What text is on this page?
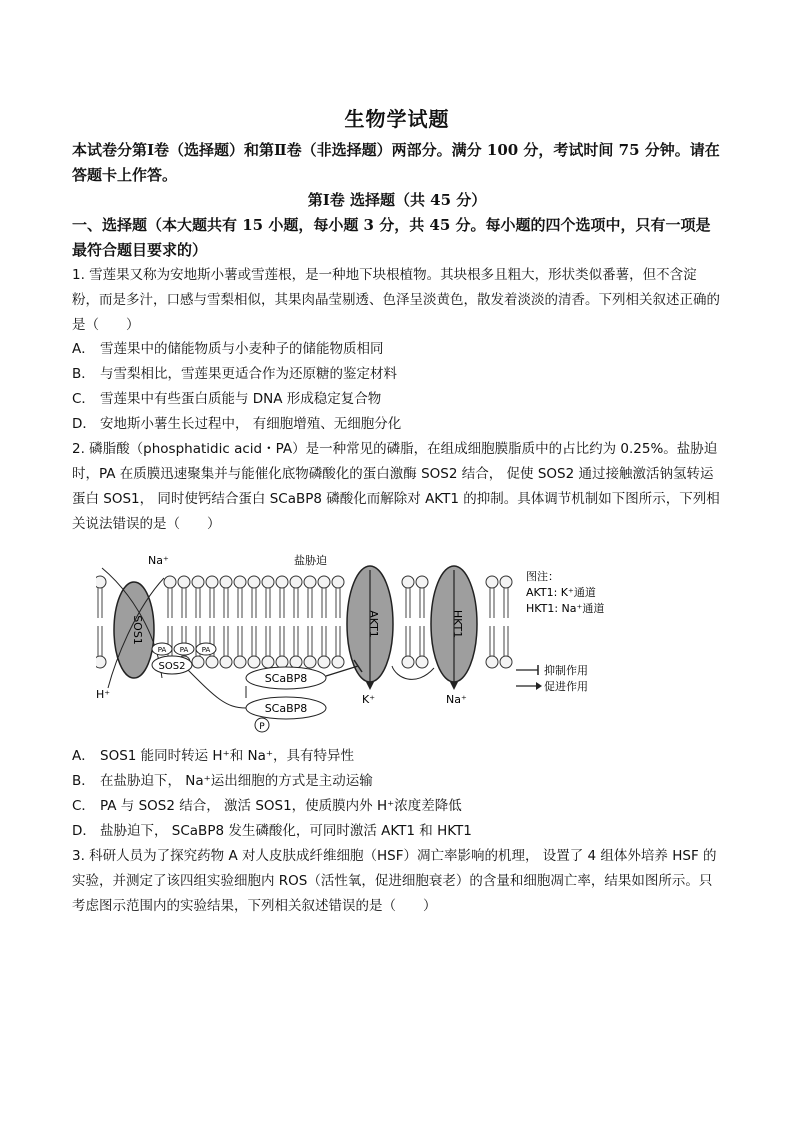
生物学试题
本试卷分第Ⅰ卷（选择题）和第Ⅱ卷（非选择题）两部分。满分 100 分，考试时间 75 分钟。请在答题卡上作答。
第Ⅰ卷 选择题（共 45 分）
一、选择题（本大题共有 15 小题，每小题 3 分，共 45 分。每小题的四个选项中，只有一项是最符合题目要求的）
1. 雪莲果又称为安地斯小薯或雪莲根，是一种地下块根植物。其块根多且粗大，形状类似番薯，但不含淀粉，而是多汁，口感与雪梨相似，其果肉晶莹剔透、色泽呈淡黄色，散发着淡淡的清香。下列相关叙述正确的是（　　）
A． 雪莲果中的储能物质与小麦种子的储能物质相同
B． 与雪梨相比，雪莲果更适合作为还原糖的鉴定材料
C． 雪莲果中有些蛋白质能与 DNA 形成稳定复合物
D． 安地斯小薯生长过程中， 有细胞增殖、无细胞分化
2. 磷脂酸（phosphatidic acid・PA）是一种常见的磷脂，在组成细胞膜脂质中的占比约为 0.25%。盐胁迫时，PA 在质膜迅速聚集并与能催化底物磷酸化的蛋白激酶 SOS2 结合， 促使 SOS2 通过接触激活钠氢转运蛋白 SOS1， 同时使钙结合蛋白 SCaBP8 磷酸化而解除对 AKT1 的抑制。具体调节机制如下图所示，下列相关说法错误的是（　　）
SOS1
Na⁺
H⁺
PA PA PA
SOS2
盐胁迫
AKT1
K⁺
HKT1
Na⁺
SCaBP8
SCaBP8
P
图注：
AKT1: K⁺通道
HKT1: Na⁺通道
抑制作用
促进作用
A． SOS1 能同时转运 H⁺和 Na⁺，具有特异性
B． 在盐胁迫下， Na⁺运出细胞的方式是主动运输
C． PA 与 SOS2 结合， 激活 SOS1，使质膜内外 H⁺浓度差降低
D． 盐胁迫下， SCaBP8 发生磷酸化，可同时激活 AKT1 和 HKT1
3. 科研人员为了探究药物 A 对人皮肤成纤维细胞（HSF）凋亡率影响的机理， 设置了 4 组体外培养 HSF 的实验，并测定了该四组实验细胞内 ROS（活性氧，促进细胞衰老）的含量和细胞凋亡率，结果如图所示。只考虑图示范围内的实验结果，下列相关叙述错误的是（　　）
